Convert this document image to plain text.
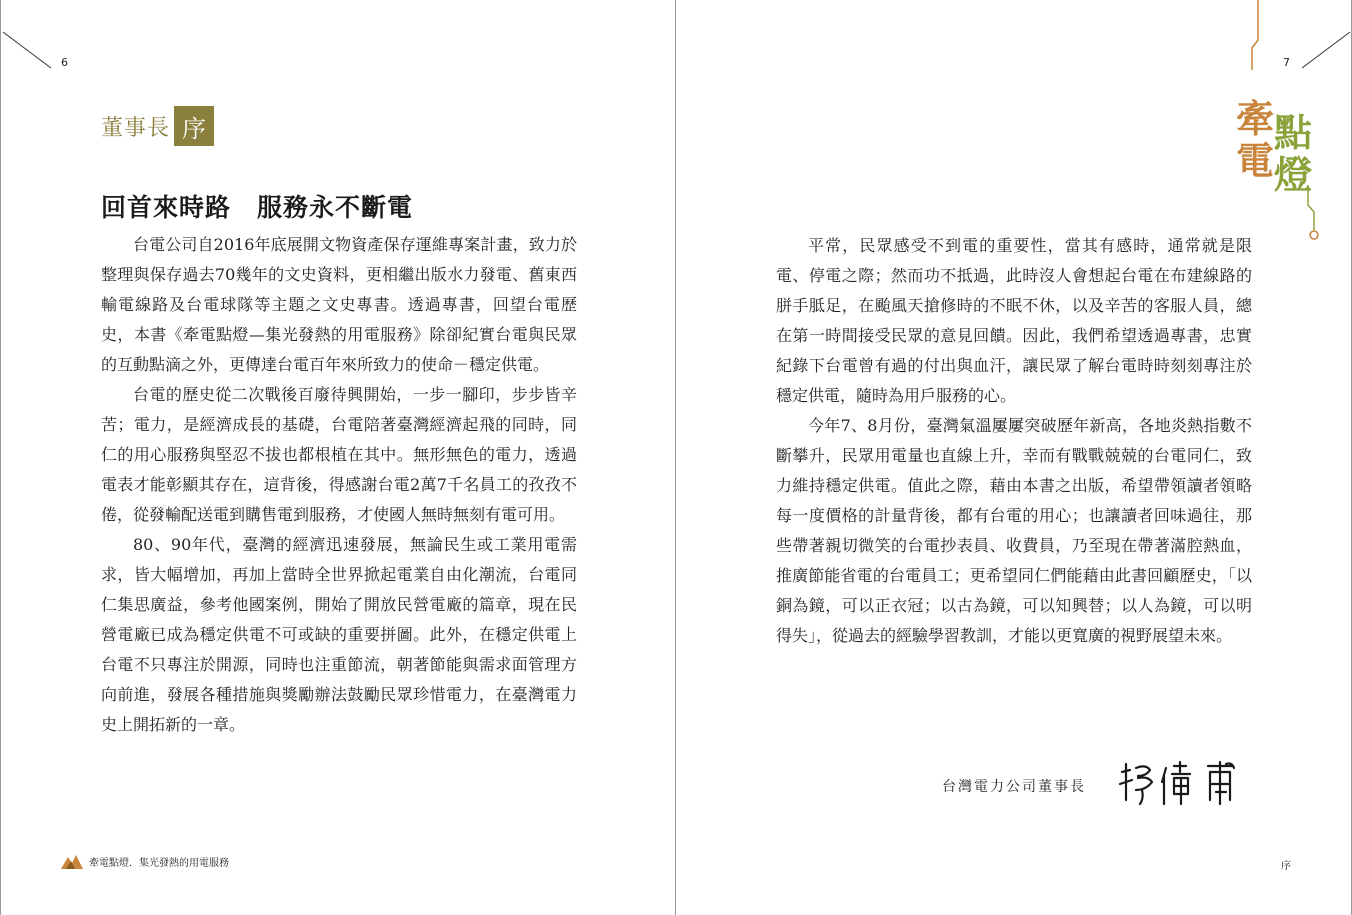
6
董事長 序
回首來時路　服務永不斷電

台電公司自2016年底展開文物資產保存運維專案計畫，致力於整理與保存過去70幾年的文史資料，更相繼出版水力發電、舊東西輸電線路及台電球隊等主題之文史專書。透過專書，回望台電歷史，本書《牽電點燈—集光發熱的用電服務》除卻紀實台電與民眾的互動點滴之外，更傳達台電百年來所致力的使命－穩定供電。

台電的歷史從二次戰後百廢待興開始，一步一腳印，步步皆辛苦；電力，是經濟成長的基礎，台電陪著臺灣經濟起飛的同時，同仁的用心服務與堅忍不拔也都根植在其中。無形無色的電力，透過電表才能彰顯其存在，這背後，得感謝台電2萬7千名員工的孜孜不倦，從發輸配送電到購售電到服務，才使國人無時無刻有電可用。

80、90年代，臺灣的經濟迅速發展，無論民生或工業用電需求，皆大幅增加，再加上當時全世界掀起電業自由化潮流，台電同仁集思廣益，參考他國案例，開始了開放民營電廠的篇章，現在民營電廠已成為穩定供電不可或缺的重要拼圖。此外，在穩定供電上台電不只專注於開源，同時也注重節流，朝著節能與需求面管理方向前進，發展各種措施與獎勵辦法鼓勵民眾珍惜電力，在臺灣電力史上開拓新的一章。

牽電點燈．集光發熱的用電服務
7

平常，民眾感受不到電的重要性，當其有感時，通常就是限電、停電之際；然而功不抵過，此時沒人會想起台電在布建線路的胼手胝足，在颱風天搶修時的不眠不休，以及辛苦的客服人員，總在第一時間接受民眾的意見回饋。因此，我們希望透過專書，忠實紀錄下台電曾有過的付出與血汗，讓民眾了解台電時時刻刻專注於穩定供電，隨時為用戶服務的心。

今年7、8月份，臺灣氣溫屢屢突破歷年新高，各地炎熱指數不斷攀升，民眾用電量也直線上升，幸而有戰戰兢兢的台電同仁，致力維持穩定供電。值此之際，藉由本書之出版，希望帶領讀者領略每一度價格的計量背後，都有台電的用心；也讓讀者回味過往，那些帶著親切微笑的台電抄表員、收費員，乃至現在帶著滿腔熱血，推廣節能省電的台電員工；更希望同仁們能藉由此書回顧歷史，「以銅為鏡，可以正衣冠；以古為鏡，可以知興替；以人為鏡，可以明得失」，從過去的經驗學習教訓，才能以更寬廣的視野展望未來。

序
牽 點
電 燈
台灣電力公司董事長
